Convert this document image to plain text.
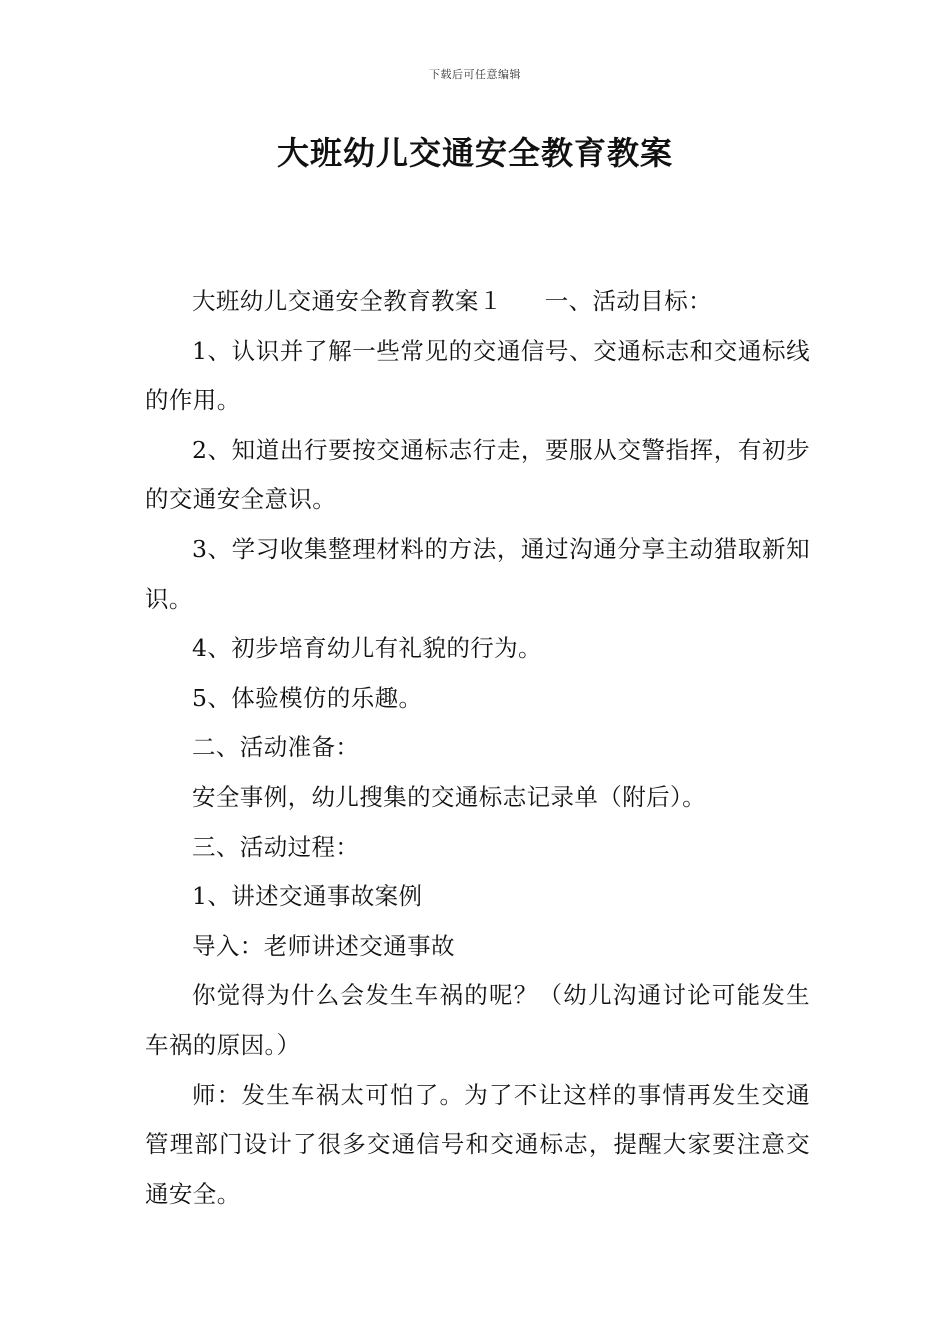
下载后可任意编辑
大班幼儿交通安全教育教案

大班幼儿交通安全教育教案１ 一、活动目标：

1、认识并了解一些常见的交通信号、交通标志和交通标线的作用。

2、知道出行要按交通标志行走，要服从交警指挥，有初步的交通安全意识。

3、学习收集整理材料的方法，通过沟通分享主动猎取新知识。

4、初步培育幼儿有礼貌的行为。

5、体验模仿的乐趣。

二、活动准备：

安全事例，幼儿搜集的交通标志记录单（附后）。

三、活动过程：

1、讲述交通事故案例

导入：老师讲述交通事故

你觉得为什么会发生车祸的呢？（幼儿沟通讨论可能发生车祸的原因。）

师：发生车祸太可怕了。为了不让这样的事情再发生交通管理部门设计了很多交通信号和交通标志，提醒大家要注意交通安全。
